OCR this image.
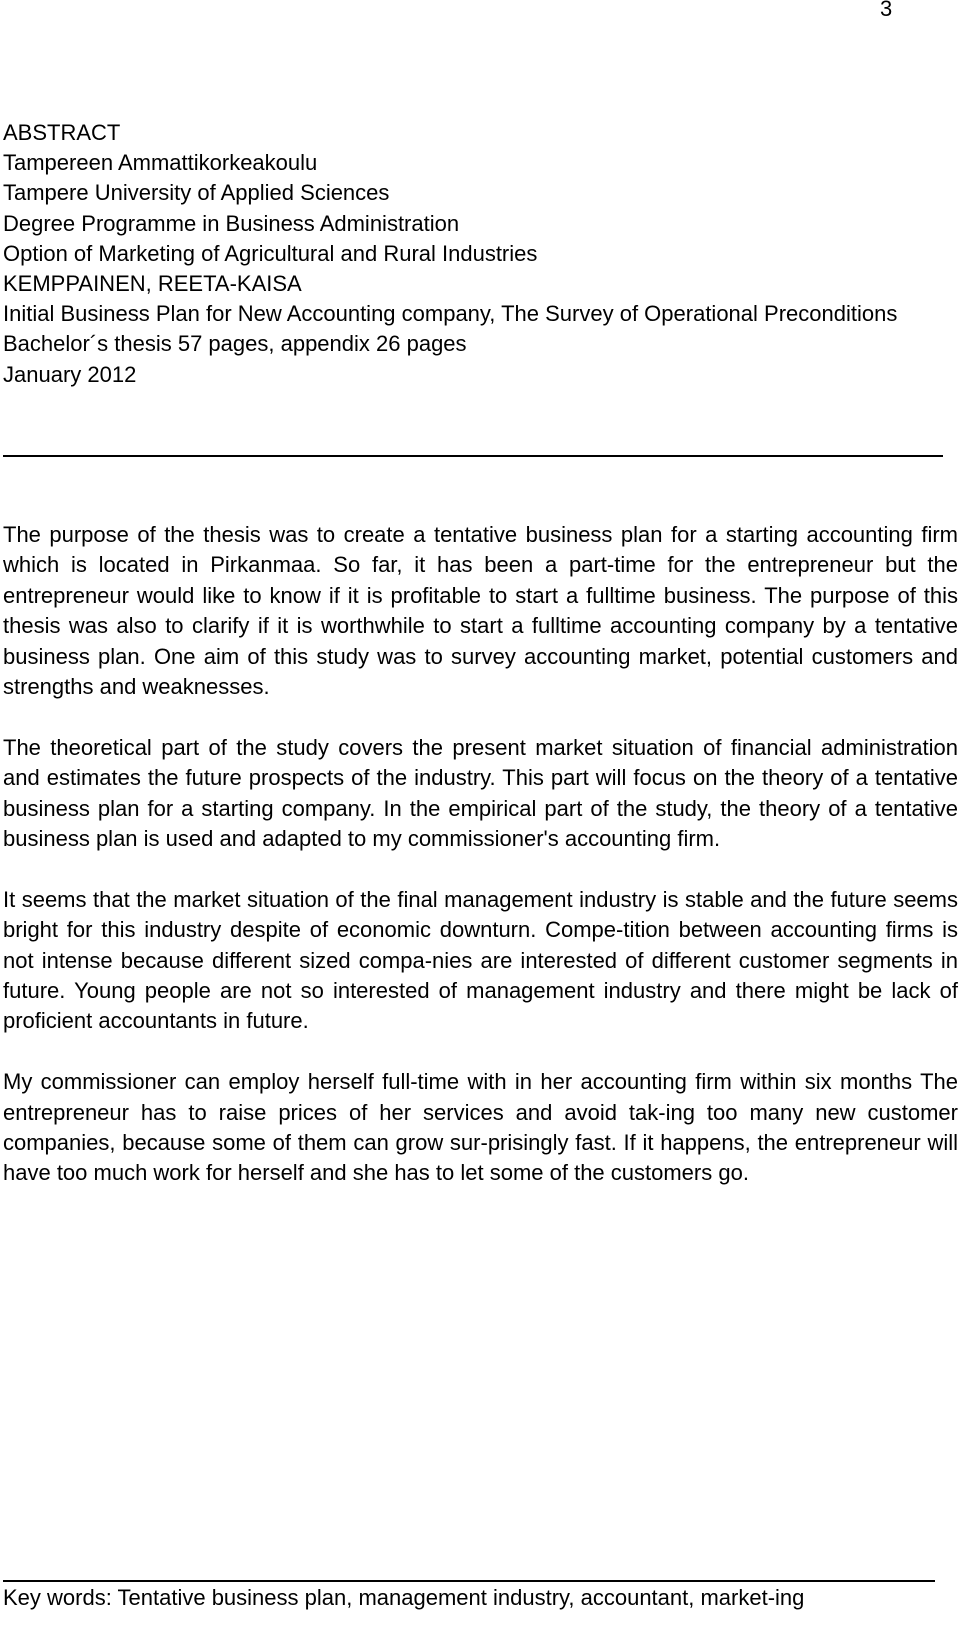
3
ABSTRACT
Tampereen Ammattikorkeakoulu
Tampere University of Applied Sciences
Degree Programme in Business Administration
Option of Marketing of Agricultural and Rural Industries
KEMPPAINEN, REETA-KAISA
Initial Business Plan for New Accounting company, The Survey of Operational Preconditions
Bachelor´s thesis 57 pages, appendix 26 pages
January 2012

The purpose of the thesis was to create a tentative business plan for a starting accounting firm which is located in Pirkanmaa. So far, it has been a part-time for the entrepreneur but the entrepreneur would like to know if it is profitable to start a fulltime business. The purpose of this thesis was also to clarify if it is worthwhile to start a fulltime accounting company by a tentative business plan. One aim of this study was to survey accounting market, potential customers and strengths and weaknesses.

The theoretical part of the study covers the present market situation of financial administration and estimates the future prospects of the industry. This part will focus on the theory of a tentative business plan for a starting company. In the empirical part of the study, the theory of a tentative business plan is used and adapted to my commissioner's accounting firm.

It seems that the market situation of the final management industry is stable and the future seems bright for this industry despite of economic downturn. Compe-tition between accounting firms is not intense because different sized compa-nies are interested of different customer segments in future. Young people are not so interested of management industry and there might be lack of proficient accountants in future.

My commissioner can employ herself full-time with in her accounting firm within six months The entrepreneur has to raise prices of her services and avoid tak-ing too many new customer companies, because some of them can grow sur-prisingly fast. If it happens, the entrepreneur will have too much work for herself and she has to let some of the customers go.

Key words: Tentative business plan, management industry, accountant, market-ing
